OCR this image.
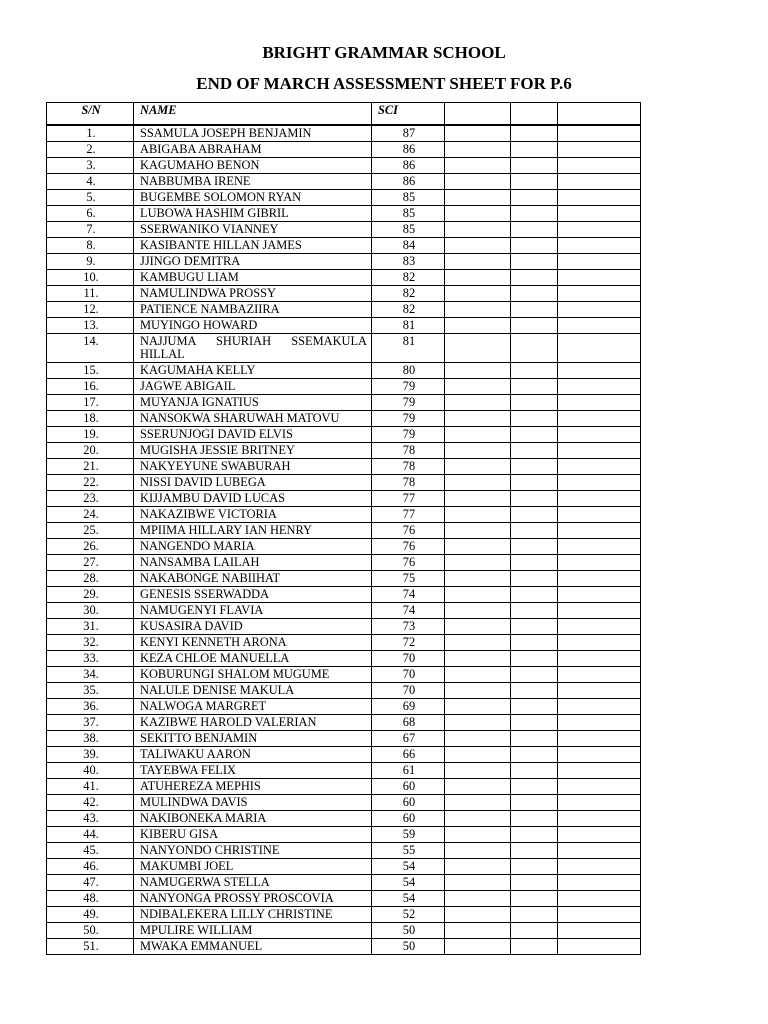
BRIGHT GRAMMAR SCHOOL
END OF MARCH ASSESSMENT SHEET FOR P.6
S/N	NAME	SCI			
1.	SSAMULA JOSEPH BENJAMIN	87			
2.	ABIGABA ABRAHAM	86			
3.	KAGUMAHO BENON	86			
4.	NABBUMBA IRENE	86			
5.	BUGEMBE SOLOMON RYAN	85			
6.	LUBOWA HASHIM GIBRIL	85			
7.	SSERWANIKO VIANNEY	85			
8.	KASIBANTE HILLAN JAMES	84			
9.	JJINGO DEMITRA	83			
10.	KAMBUGU LIAM	82			
11.	NAMULINDWA PROSSY	82			
12.	PATIENCE NAMBAZIIRA	82			
13.	MUYINGO HOWARD	81			
14.	NAJJUMA SHURIAH SSEMAKULA HILLAL	81			
15.	KAGUMAHA KELLY	80			
16.	JAGWE ABIGAIL	79			
17.	MUYANJA IGNATIUS	79			
18.	NANSOKWA SHARUWAH MATOVU	79			
19.	SSERUNJOGI DAVID ELVIS	79			
20.	MUGISHA JESSIE BRITNEY	78			
21.	NAKYEYUNE SWABURAH	78			
22.	NISSI DAVID LUBEGA	78			
23.	KIJJAMBU DAVID LUCAS	77			
24.	NAKAZIBWE VICTORIA	77			
25.	MPIIMA HILLARY IAN HENRY	76			
26.	NANGENDO MARIA	76			
27.	NANSAMBA LAILAH	76			
28.	NAKABONGE NABIIHAT	75			
29.	GENESIS SSERWADDA	74			
30.	NAMUGENYI FLAVIA	74			
31.	KUSASIRA DAVID	73			
32.	KENYI KENNETH ARONA	72			
33.	KEZA CHLOE MANUELLA	70			
34.	KOBURUNGI SHALOM MUGUME	70			
35.	NALULE DENISE MAKULA	70			
36.	NALWOGA MARGRET	69			
37.	KAZIBWE HAROLD VALERIAN	68			
38.	SEKITTO BENJAMIN	67			
39.	TALIWAKU AARON	66			
40.	TAYEBWA FELIX	61			
41.	ATUHEREZA MEPHIS	60			
42.	MULINDWA DAVIS	60			
43.	NAKIBONEKA MARIA	60			
44.	KIBERU GISA	59			
45.	NANYONDO CHRISTINE	55			
46.	MAKUMBI JOEL	54			
47.	NAMUGERWA STELLA	54			
48.	NANYONGA PROSSY PROSCOVIA	54			
49.	NDIBALEKERA LILLY CHRISTINE	52			
50.	MPULIRE WILLIAM	50			
51.	MWAKA EMMANUEL	50			
